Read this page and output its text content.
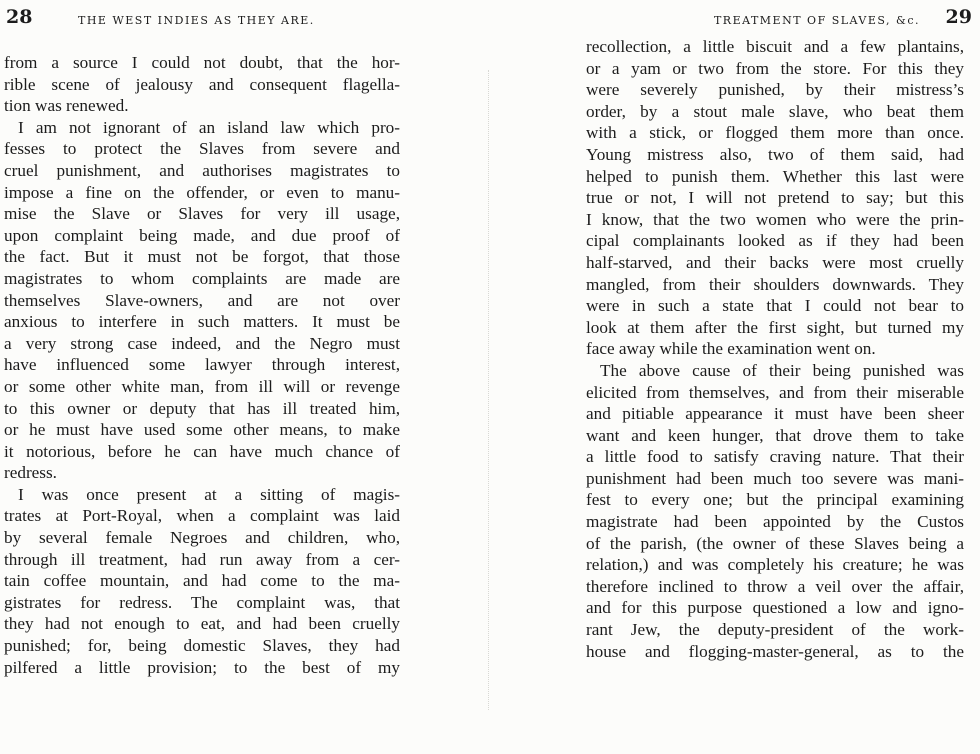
28	THE WEST INDIES AS THEY ARE.
from a source I could not doubt, that the hor-
rible scene of jealousy and consequent flagella-
tion was renewed.
I am not ignorant of an island law which pro-
fesses to protect the Slaves from severe and
cruel punishment, and authorises magistrates to
impose a fine on the offender, or even to manu-
mise the Slave or Slaves for very ill usage,
upon complaint being made, and due proof of
the fact. But it must not be forgot, that those
magistrates to whom complaints are made are
themselves Slave-owners, and are not over
anxious to interfere in such matters. It must be
a very strong case indeed, and the Negro must
have influenced some lawyer through interest,
or some other white man, from ill will or revenge
to this owner or deputy that has ill treated him,
or he must have used some other means, to make
it notorious, before he can have much chance of
redress.
I was once present at a sitting of magis-
trates at Port-Royal, when a complaint was laid
by several female Negroes and children, who,
through ill treatment, had run away from a cer-
tain coffee mountain, and had come to the ma-
gistrates for redress. The complaint was, that
they had not enough to eat, and had been cruelly
punished; for, being domestic Slaves, they had
pilfered a little provision; to the best of my
TREATMENT OF SLAVES, &c. 29
recollection, a little biscuit and a few plantains,
or a yam or two from the store. For this they
were severely punished, by their mistress’s
order, by a stout male slave, who beat them
with a stick, or flogged them more than once.
Young mistress also, two of them said, had
helped to punish them. Whether this last were
true or not, I will not pretend to say; but this
I know, that the two women who were the prin-
cipal complainants looked as if they had been
half-starved, and their backs were most cruelly
mangled, from their shoulders downwards. They
were in such a state that I could not bear to
look at them after the first sight, but turned my
face away while the examination went on.
The above cause of their being punished was
elicited from themselves, and from their miserable
and pitiable appearance it must have been sheer
want and keen hunger, that drove them to take
a little food to satisfy craving nature. That their
punishment had been much too severe was mani-
fest to every one; but the principal examining
magistrate had been appointed by the Custos
of the parish, (the owner of these Slaves being a
relation,) and was completely his creature; he was
therefore inclined to throw a veil over the affair,
and for this purpose questioned a low and igno-
rant Jew, the deputy-president of the work-
house and flogging-master-general, as to the
